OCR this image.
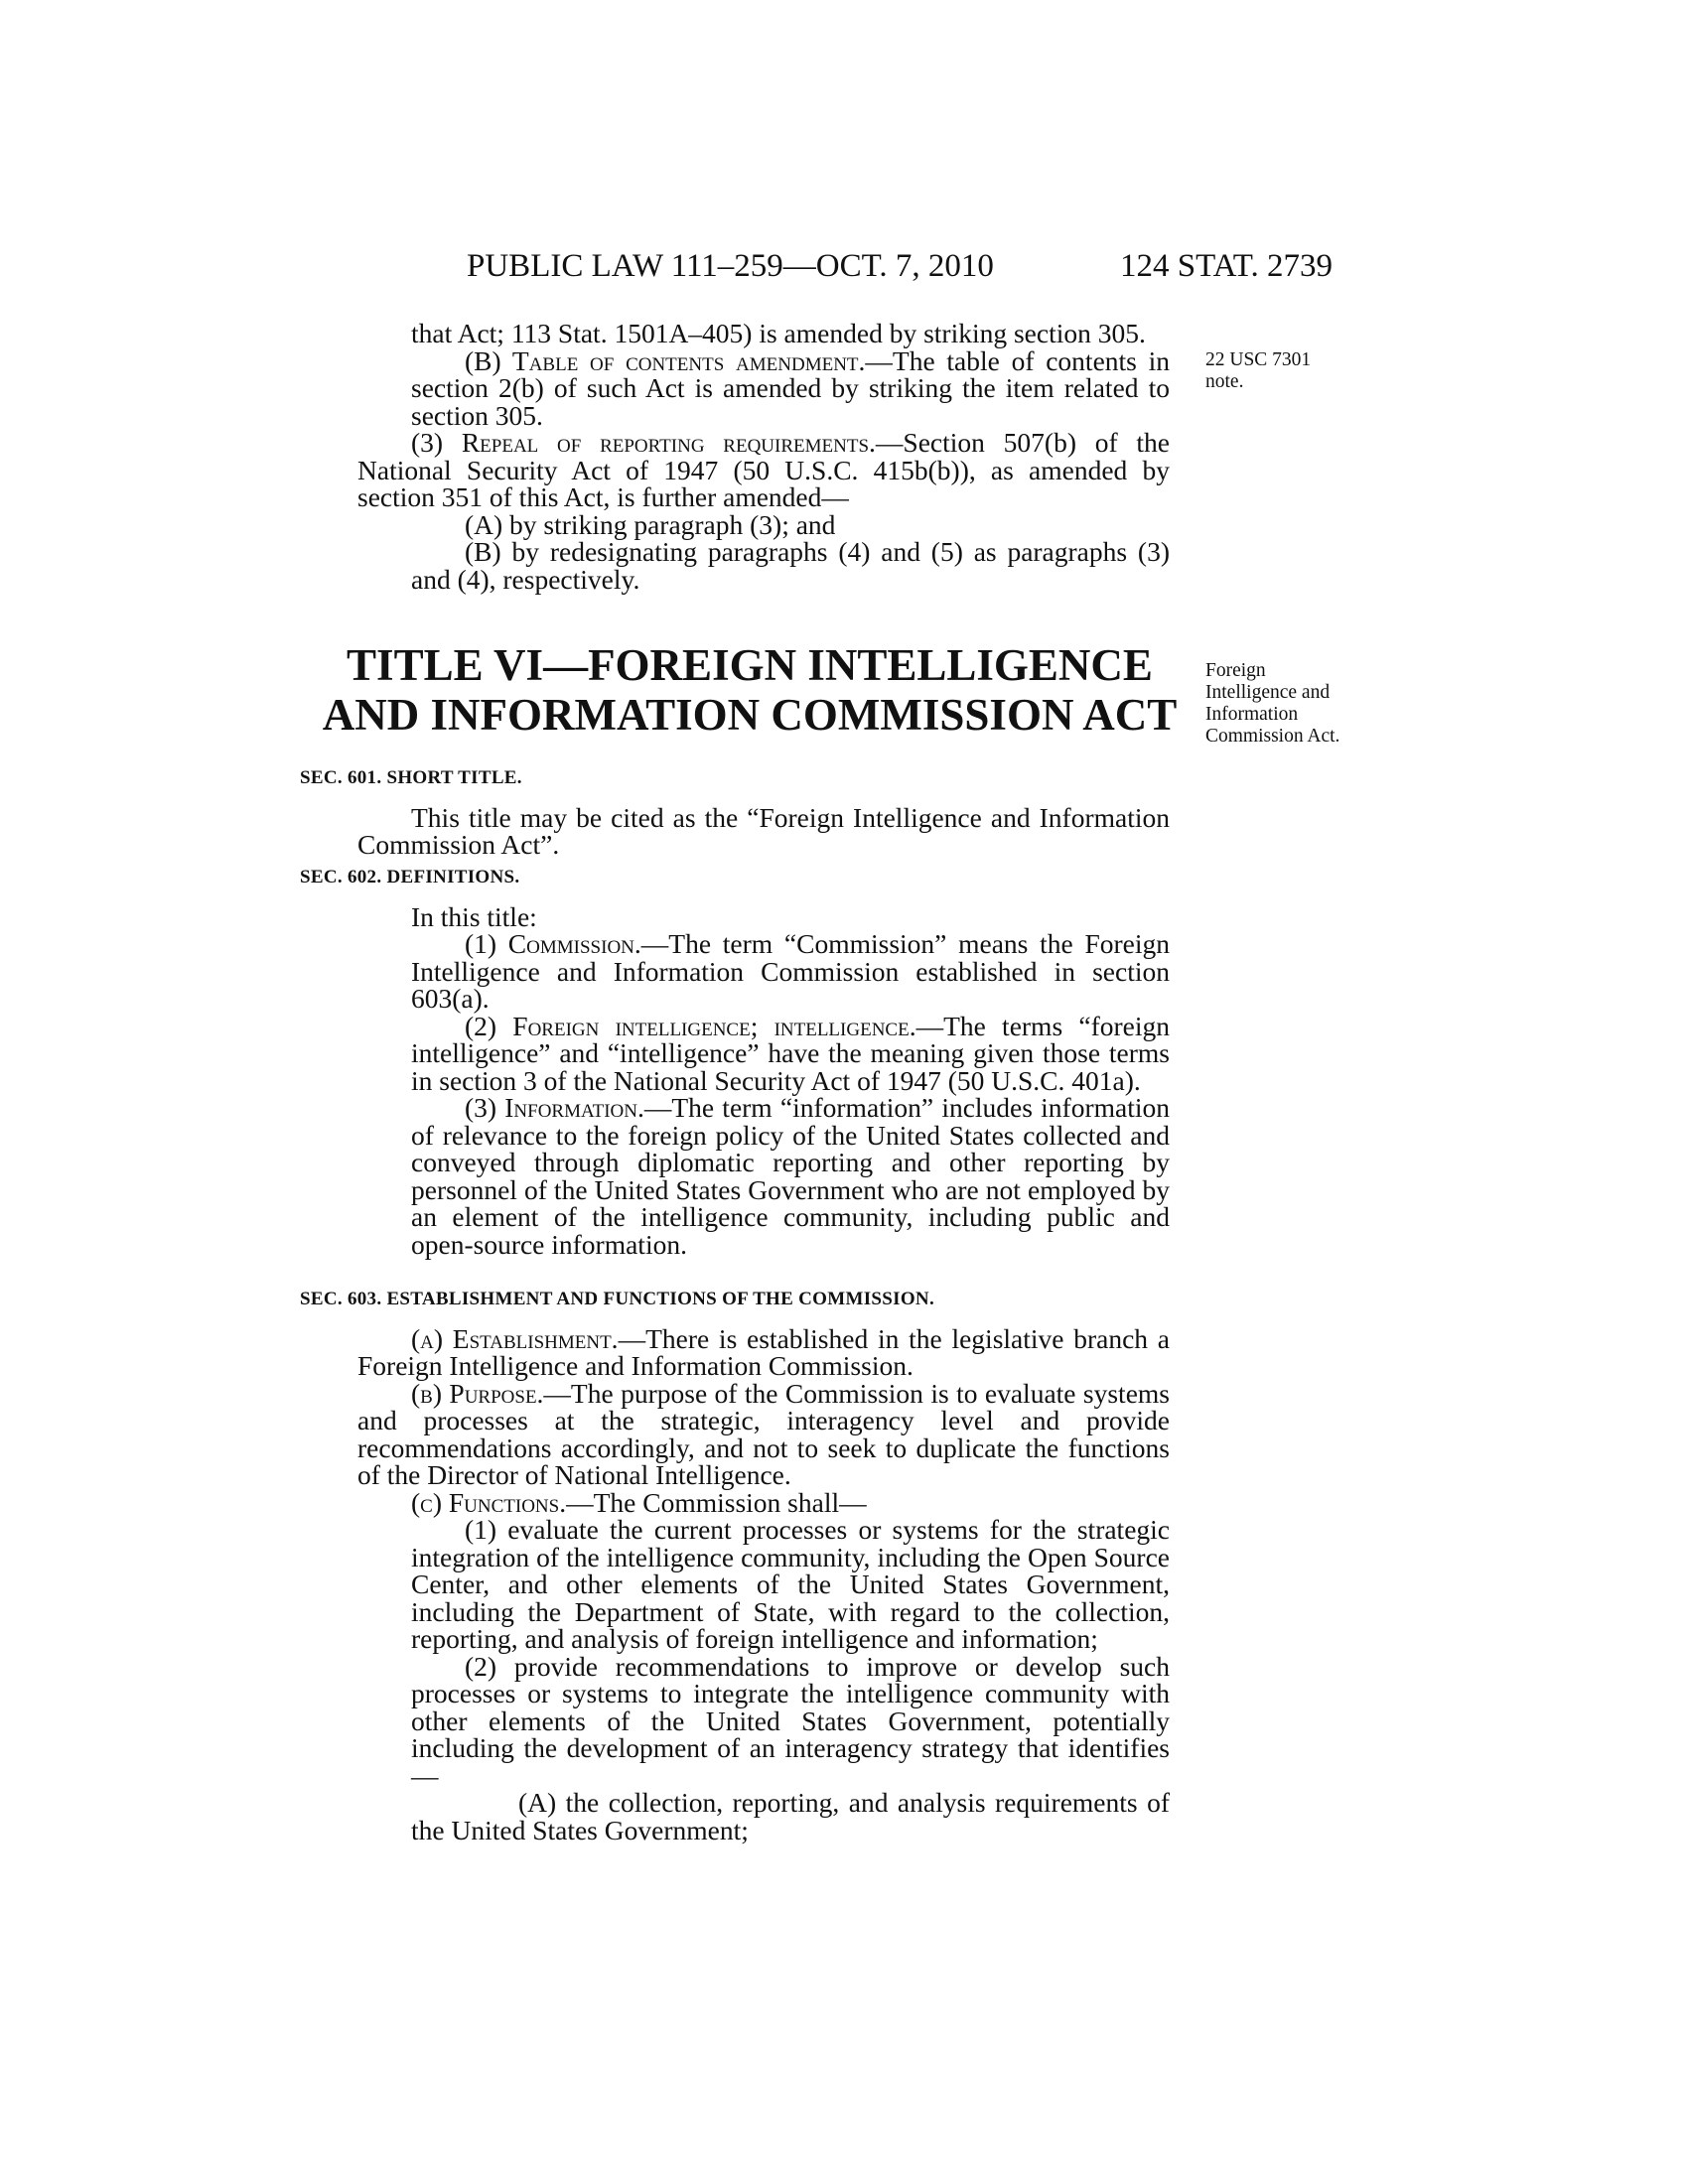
PUBLIC LAW 111–259—OCT. 7, 2010	124 STAT. 2739
22 USC 7301
note.
Foreign
Intelligence and
Information
Commission Act.

that Act; 113 Stat. 1501A–405) is amended by striking section 305.

(B) Table of contents amendment.—The table of contents in section 2(b) of such Act is amended by striking the item related to section 305.

(3) Repeal of reporting requirements.—Section 507(b) of the National Security Act of 1947 (50 U.S.C. 415b(b)), as amended by section 351 of this Act, is further amended—

(A) by striking paragraph (3); and

(B) by redesignating paragraphs (4) and (5) as paragraphs (3) and (4), respectively.

TITLE VI—FOREIGN INTELLIGENCE
AND INFORMATION COMMISSION ACT

SEC. 601. SHORT TITLE.

This title may be cited as the “Foreign Intelligence and Information Commission Act”.

SEC. 602. DEFINITIONS.

In this title:

(1) Commission.—The term “Commission” means the Foreign Intelligence and Information Commission established in section 603(a).

(2) Foreign intelligence; intelligence.—The terms “foreign intelligence” and “intelligence” have the meaning given those terms in section 3 of the National Security Act of 1947 (50 U.S.C. 401a).

(3) Information.—The term “information” includes information of relevance to the foreign policy of the United States collected and conveyed through diplomatic reporting and other reporting by personnel of the United States Government who are not employed by an element of the intelligence community, including public and open-source information.

SEC. 603. ESTABLISHMENT AND FUNCTIONS OF THE COMMISSION.

(a) Establishment.—There is established in the legislative branch a Foreign Intelligence and Information Commission.

(b) Purpose.—The purpose of the Commission is to evaluate systems and processes at the strategic, interagency level and provide recommendations accordingly, and not to seek to duplicate the functions of the Director of National Intelligence.

(c) Functions.—The Commission shall—

(1) evaluate the current processes or systems for the strategic integration of the intelligence community, including the Open Source Center, and other elements of the United States Government, including the Department of State, with regard to the collection, reporting, and analysis of foreign intelligence and information;

(2) provide recommendations to improve or develop such processes or systems to integrate the intelligence community with other elements of the United States Government, potentially including the development of an interagency strategy that identifies—

(A) the collection, reporting, and analysis requirements of the United States Government;
